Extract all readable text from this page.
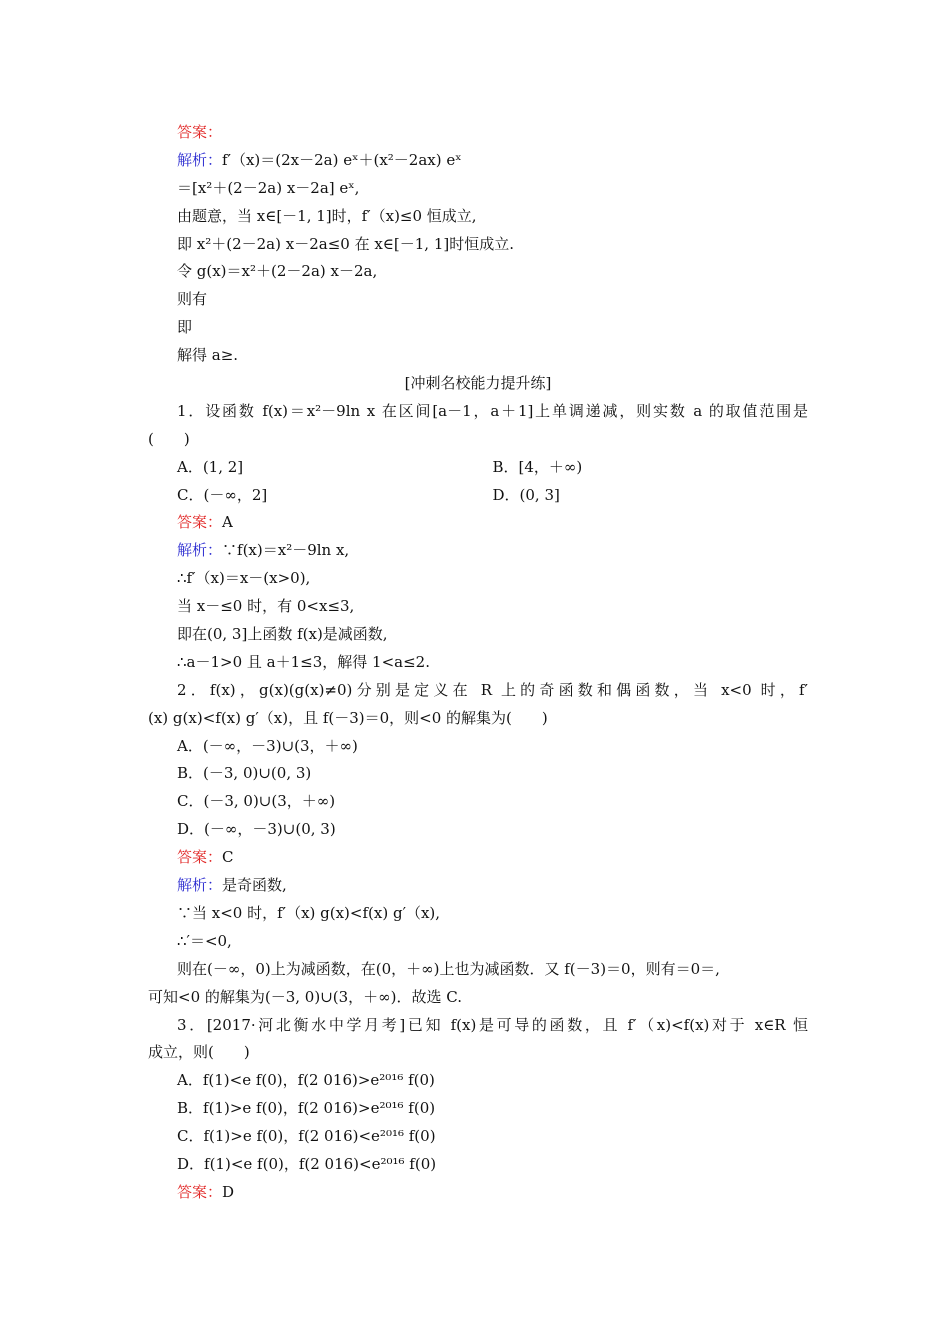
答案：
解析：f′（x)＝(2x－2a) eˣ＋(x²－2ax) eˣ
＝[x²＋(2－2a) x－2a] eˣ,
由题意，当 x∈[－1, 1]时，f′（x)≤0 恒成立,
即 x²＋(2－2a) x－2a≤0 在 x∈[－1, 1]时恒成立.
令 g(x)＝x²＋(2－2a) x－2a,
则有
即
解得 a≥.
[冲刺名校能力提升练]
1．设函数 f(x)＝x²－9ln x 在区间[a－1，a＋1]上单调递减，则实数 a 的取值范围是
(　　)
A．(1, 2]	B．[4，＋∞)
C．(－∞，2]	D．(0, 3]
答案：A
解析：∵f(x)＝x²－9ln x,
∴f′（x)＝x－(x>0),
当 x－≤0 时，有 0<x≤3,
即在(0, 3]上函数 f(x)是减函数,
∴a－1>0 且 a＋1≤3，解得 1<a≤2.
2．f(x)，g(x)(g(x)≠0)分别是定义在 R 上的奇函数和偶函数，当 x<0 时，f′
(x) g(x)<f(x) g′（x)，且 f(－3)＝0，则<0 的解集为(　　)
A．(－∞，－3)∪(3，＋∞)
B．(－3, 0)∪(0, 3)
C．(－3, 0)∪(3，＋∞)
D．(－∞，－3)∪(0, 3)
答案：C
解析：是奇函数,
∵当 x<0 时，f′（x) g(x)<f(x) g′（x),
∴′＝<0,
则在(－∞，0)上为减函数，在(0，＋∞)上也为减函数．又 f(－3)＝0，则有＝0＝,
可知<0 的解集为(－3, 0)∪(3，＋∞)．故选 C.
3．[2017·河北衡水中学月考]已知 f(x)是可导的函数，且 f′（x)<f(x)对于 x∈R 恒
成立，则(　　)
A．f(1)<e f(0)，f(2 016)>e²⁰¹⁶ f(0)
B．f(1)>e f(0)，f(2 016)>e²⁰¹⁶ f(0)
C．f(1)>e f(0)，f(2 016)<e²⁰¹⁶ f(0)
D．f(1)<e f(0)，f(2 016)<e²⁰¹⁶ f(0)
答案：D
